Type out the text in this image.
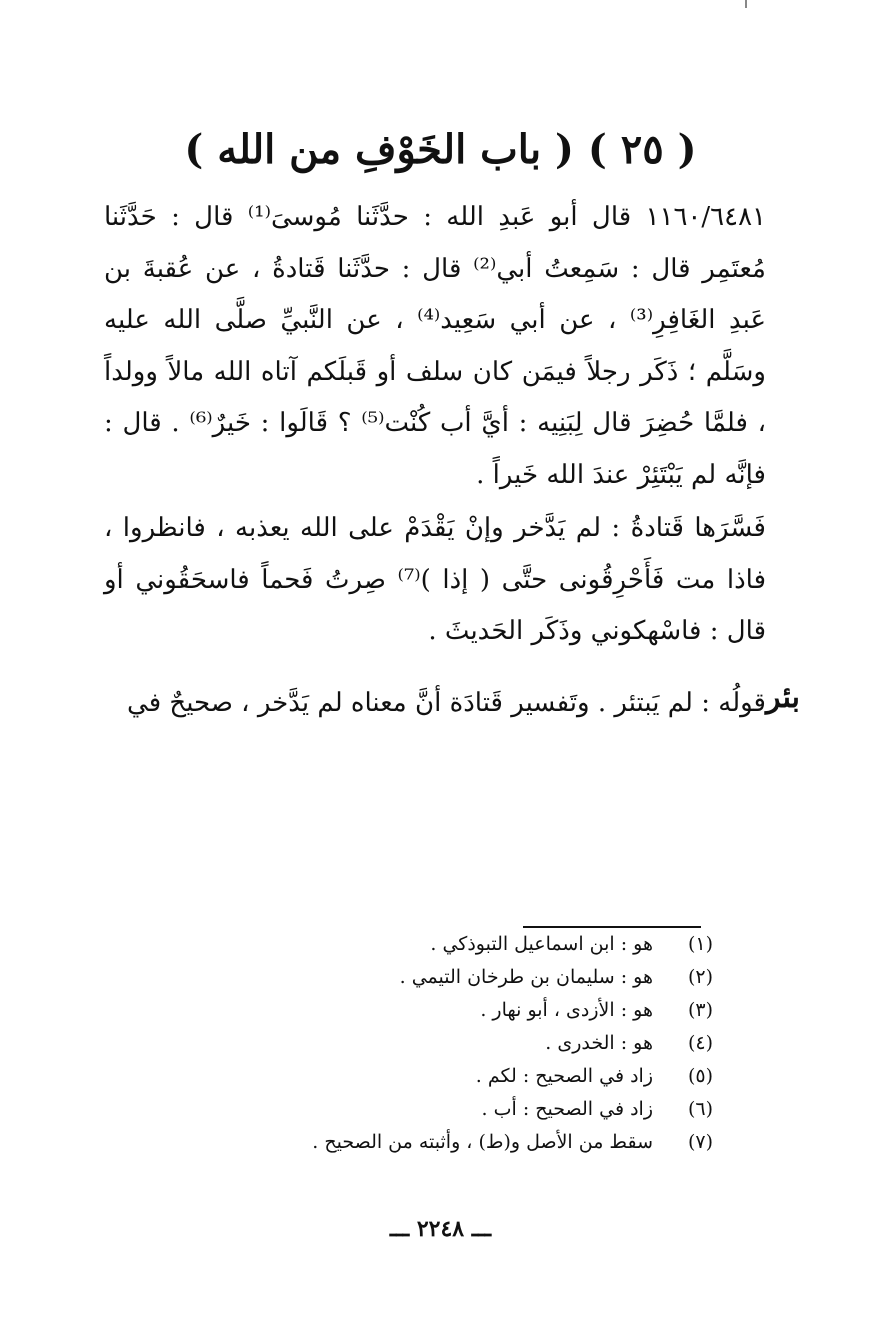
( ٢٥ ) ( باب الخَوْفِ من الله )

١١٦٠/٦٤٨١ قال أبو عَبدِ الله : حدَّثَنا مُوسىَ⁽¹⁾ قال : حَدَّثَنا مُعتَمِر قال : سَمِعتُ أبي⁽²⁾ قال : حدَّثَنا قَتادةُ ، عن عُقبةَ بن عَبدِ الغَافِرِ⁽³⁾ ، عن أبي سَعِيد⁽⁴⁾ ، عن النَّبيِّ صلَّى الله عليه وسَلَّم ؛ ذَكَر رجلاً فيمَن كان سلف أو قَبلَكم آتاه الله مالاً وولداً ، فلمَّا حُضِرَ قال لِبَنِيه : أيَّ أب كُنْت⁽⁵⁾ ؟ قَالَوا : خَيرٌ⁽⁶⁾ . قال : فإنَّه لم يَبْتَئِرْ عندَ الله خَيراً .

فَسَّرَها قَتادةُ : لم يَدَّخر وإنْ يَقْدَمْ على الله يعذبه ، فانظروا ، فاذا مت فَأَحْرِقُونى حتَّى ( إذا )⁽⁷⁾ صِرتُ فَحماً فاسحَقُوني أو قال : فاسْهكوني وذَكَر الحَديثَ .

قولُه : لم يَبتئر . وتَفسير قَتادَة أنَّ معناه لم يَدَّخر ، صحيحٌ في بئر
(١)
هو : ابن اسماعيل التبوذكي .
(٢)
هو : سليمان بن طرخان التيمي .
(٣)
هو : الأزدى ، أبو نهار .
(٤)
هو : الخدرى .
(٥)
زاد في الصحيح : لكم .
(٦)
زاد في الصحيح : أب .
(٧)
سقط من الأصل و(ط) ، وأثبته من الصحيح .
ـــ ٢٢٤٨ ـــ
